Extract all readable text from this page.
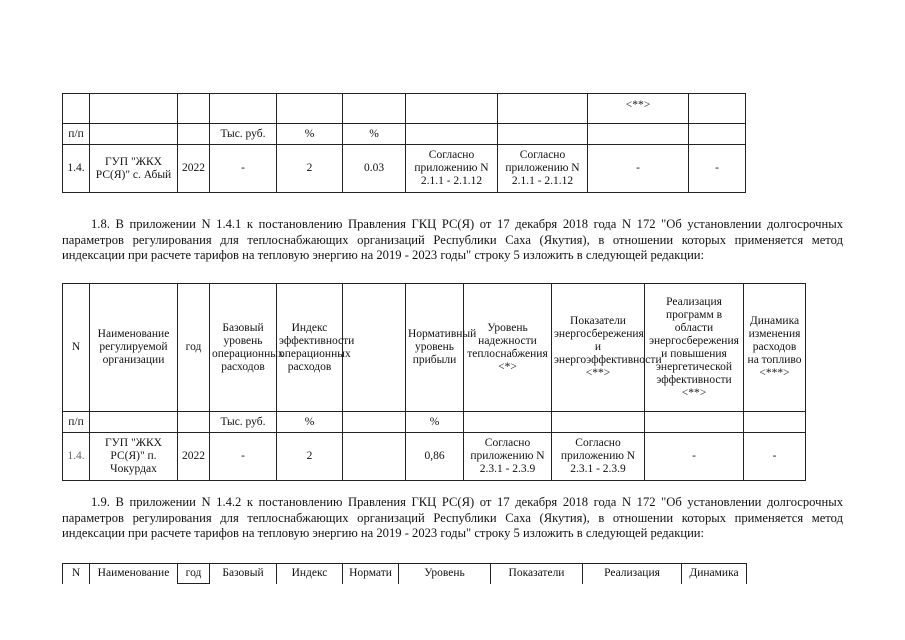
								<**>	
п/п			Тыс. руб.	%	%				
1.4.	ГУП "ЖКХ РС(Я)" с. Абый	2022	-	2	0.03	Согласно приложению N 2.1.1 - 2.1.12	Согласно приложению N 2.1.1 - 2.1.12	-	-

1.8. В приложении N 1.4.1 к постановлению Правления ГКЦ РС(Я) от 17 декабря 2018 года N 172 "Об установлении долгосрочных параметров регулирования для теплоснабжающих организаций Республики Саха (Якутия), в отношении которых применяется метод индексации при расчете тарифов на тепловую энергию на 2019 - 2023 годы" строку 5 изложить в следующей редакции:

N	Наименование регулируемой организации	год	Базовый уровень операционных расходов	Индекс эффективности операционных расходов		Нормативный уровень прибыли	Уровень надежности теплоснабжения <*>	Показатели энергосбережения и энергоэффективности <**>	Реализация программ в области энергосбережения и повышения энергетической эффективности <**>	Динамика изменения расходов на топливо <***>
п/п			Тыс. руб.	%		%				
1.4.	ГУП "ЖКХ РС(Я)" п. Чокурдах	2022	-	2		0,86	Согласно приложению N 2.3.1 - 2.3.9	Согласно приложению N 2.3.1 - 2.3.9	-	-

1.9. В приложении N 1.4.2 к постановлению Правления ГКЦ РС(Я) от 17 декабря 2018 года N 172 "Об установлении долгосрочных параметров регулирования для теплоснабжающих организаций Республики Саха (Якутия), в отношении которых применяется метод индексации при расчете тарифов на тепловую энергию на 2019 - 2023 годы" строку 5 изложить в следующей редакции:

N	Наименование	год	Базовый	Индекс	Нормати	Уровень	Показатели	Реализация	Динамика
